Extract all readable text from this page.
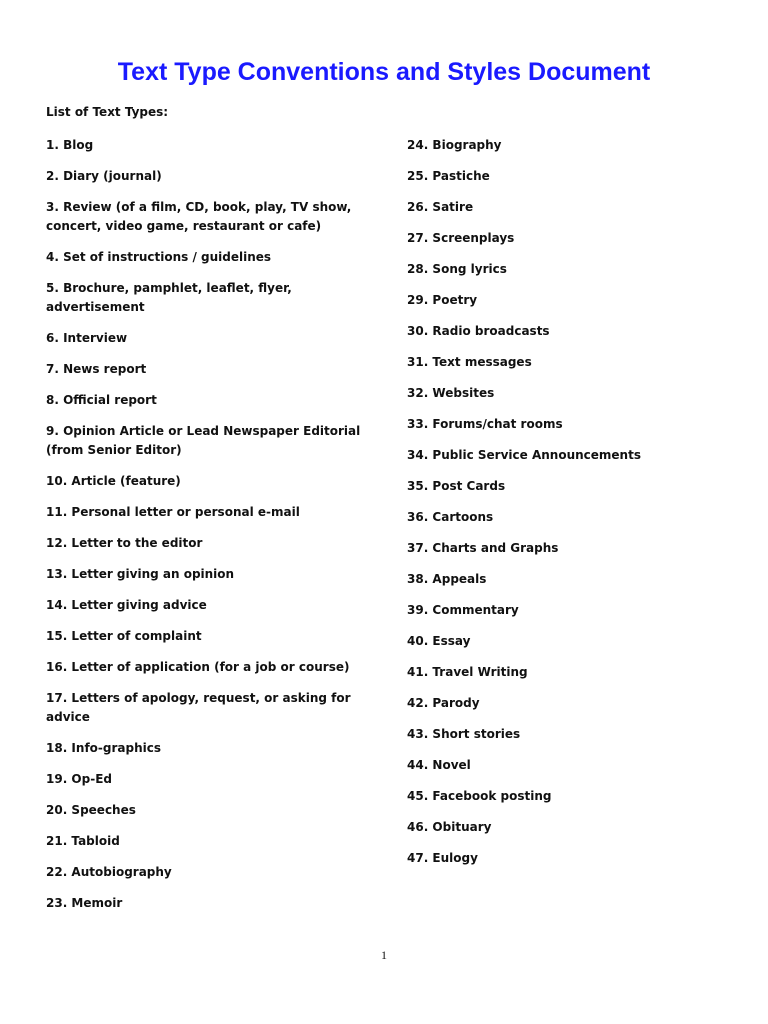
Text Type Conventions and Styles Document
List of Text Types:
1. Blog
2. Diary (journal)
3. Review (of a film, CD, book, play, TV show, concert, video game, restaurant or cafe)
4. Set of instructions / guidelines
5. Brochure, pamphlet, leaflet, flyer, advertisement
6. Interview
7. News report
8. Official report
9. Opinion Article or Lead Newspaper Editorial (from Senior Editor)
10. Article (feature)
11. Personal letter or personal e-mail
12. Letter to the editor
13. Letter giving an opinion
14. Letter giving advice
15. Letter of complaint
16. Letter of application (for a job or course)
17. Letters of apology, request, or asking for advice
18. Info-graphics
19. Op-Ed
20. Speeches
21. Tabloid
22. Autobiography
23. Memoir
24. Biography
25. Pastiche
26. Satire
27. Screenplays
28. Song lyrics
29. Poetry
30. Radio broadcasts
31. Text messages
32. Websites
33. Forums/chat rooms
34. Public Service Announcements
35. Post Cards
36. Cartoons
37. Charts and Graphs
38. Appeals
39. Commentary
40. Essay
41. Travel Writing
42. Parody
43. Short stories
44. Novel
45. Facebook posting
46. Obituary
47. Eulogy
1
